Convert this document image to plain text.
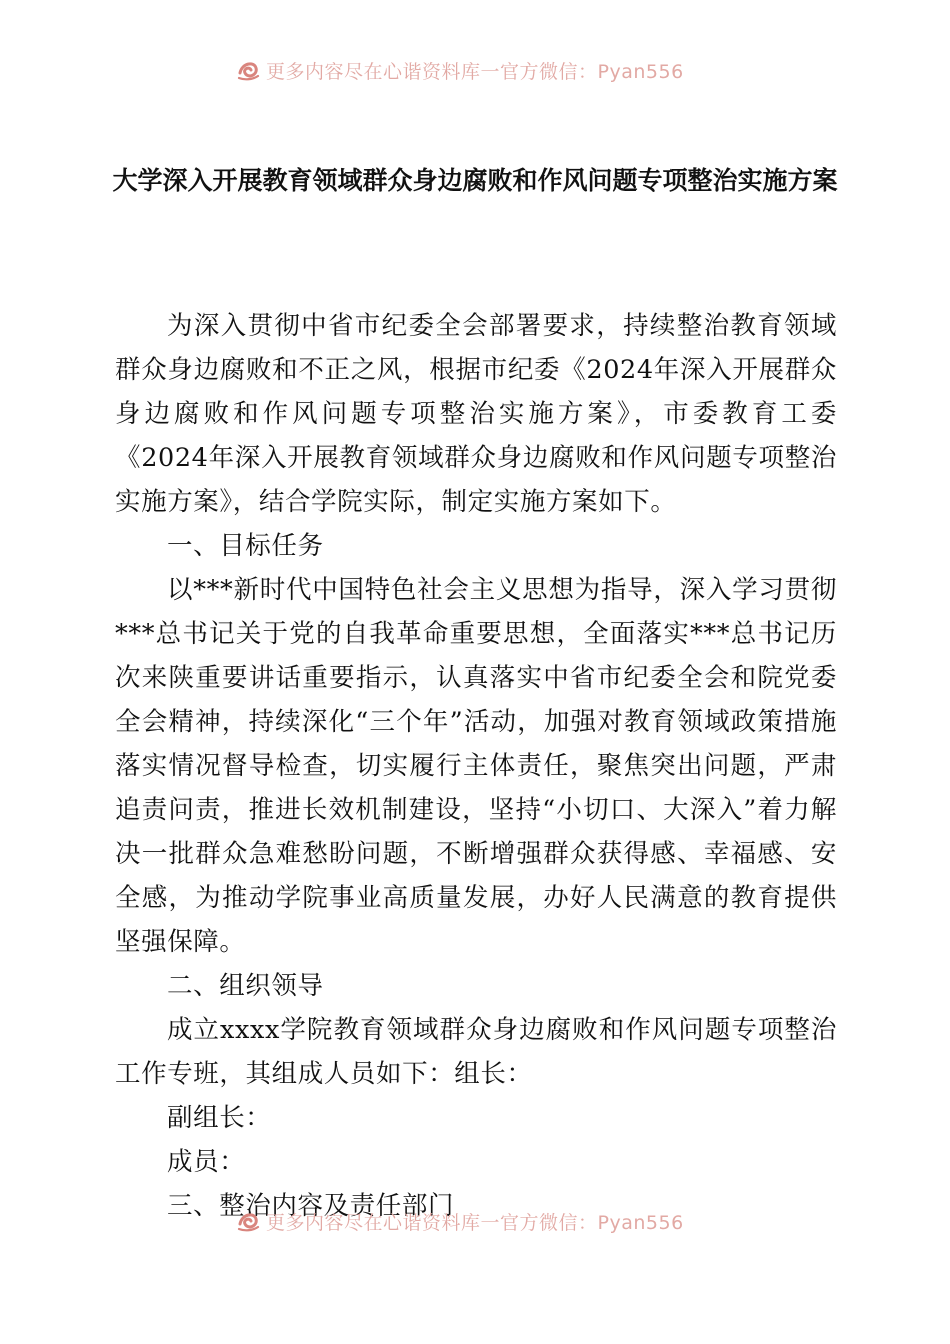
更多内容尽在心谐资料库一官方微信：Pyan556
大学深入开展教育领域群众身边腐败和作风问题专项整治实施方案

为深入贯彻中省市纪委全会部署要求，持续整治教育领域群众身边腐败和不正之风，根据市纪委《2024年深入开展群众身边腐败和作风问题专项整治实施方案》，市委教育工委《2024年深入开展教育领域群众身边腐败和作风问题专项整治实施方案》，结合学院实际，制定实施方案如下。

一、目标任务

以***新时代中国特色社会主义思想为指导，深入学习贯彻***总书记关于党的自我革命重要思想，全面落实***总书记历次来陕重要讲话重要指示，认真落实中省市纪委全会和院党委全会精神，持续深化“三个年”活动，加强对教育领域政策措施落实情况督导检查，切实履行主体责任，聚焦突出问题，严肃追责问责，推进长效机制建设，坚持“小切口、大深入”着力解决一批群众急难愁盼问题，不断增强群众获得感、幸福感、安全感，为推动学院事业高质量发展，办好人民满意的教育提供坚强保障。

二、组织领导

成立xxxx学院教育领域群众身边腐败和作风问题专项整治工作专班，其组成人员如下：组长：

副组长：

成员：

三、整治内容及责任部门

更多内容尽在心谐资料库一官方微信：Pyan556
